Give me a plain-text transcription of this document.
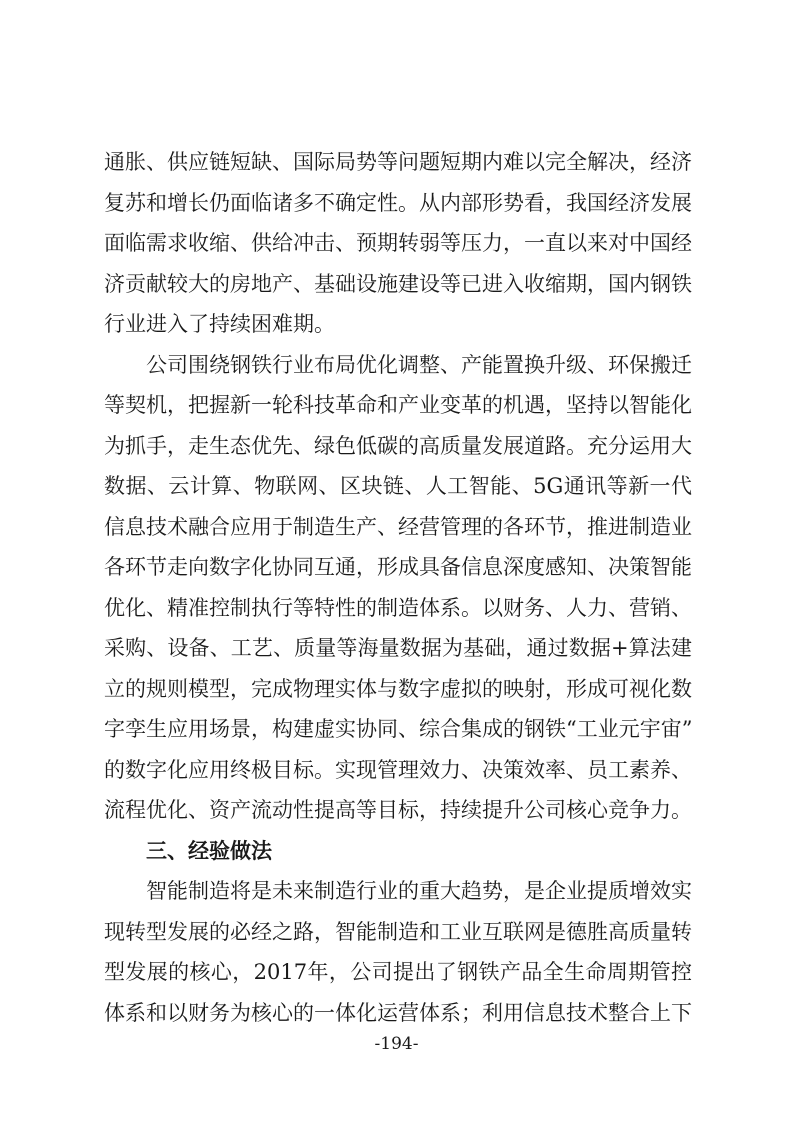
通胀、供应链短缺、国际局势等问题短期内难以完全解决，经济
复苏和增长仍面临诸多不确定性。从内部形势看，我国经济发展
面临需求收缩、供给冲击、预期转弱等压力，一直以来对中国经
济贡献较大的房地产、基础设施建设等已进入收缩期，国内钢铁
行业进入了持续困难期。
公司围绕钢铁行业布局优化调整、产能置换升级、环保搬迁
等契机，把握新一轮科技革命和产业变革的机遇，坚持以智能化
为抓手，走生态优先、绿色低碳的高质量发展道路。充分运用大
数据、云计算、物联网、区块链、人工智能、5G通讯等新一代
信息技术融合应用于制造生产、经营管理的各环节，推进制造业
各环节走向数字化协同互通，形成具备信息深度感知、决策智能
优化、精准控制执行等特性的制造体系。以财务、人力、营销、
采购、设备、工艺、质量等海量数据为基础，通过数据+算法建
立的规则模型，完成物理实体与数字虚拟的映射，形成可视化数
字孪生应用场景，构建虚实协同、综合集成的钢铁“工业元宇宙”
的数字化应用终极目标。实现管理效力、决策效率、员工素养、
流程优化、资产流动性提高等目标，持续提升公司核心竞争力。
三、经验做法
智能制造将是未来制造行业的重大趋势，是企业提质增效实
现转型发展的必经之路，智能制造和工业互联网是德胜高质量转
型发展的核心，2017年，公司提出了钢铁产品全生命周期管控
体系和以财务为核心的一体化运营体系；利用信息技术整合上下
-194-
